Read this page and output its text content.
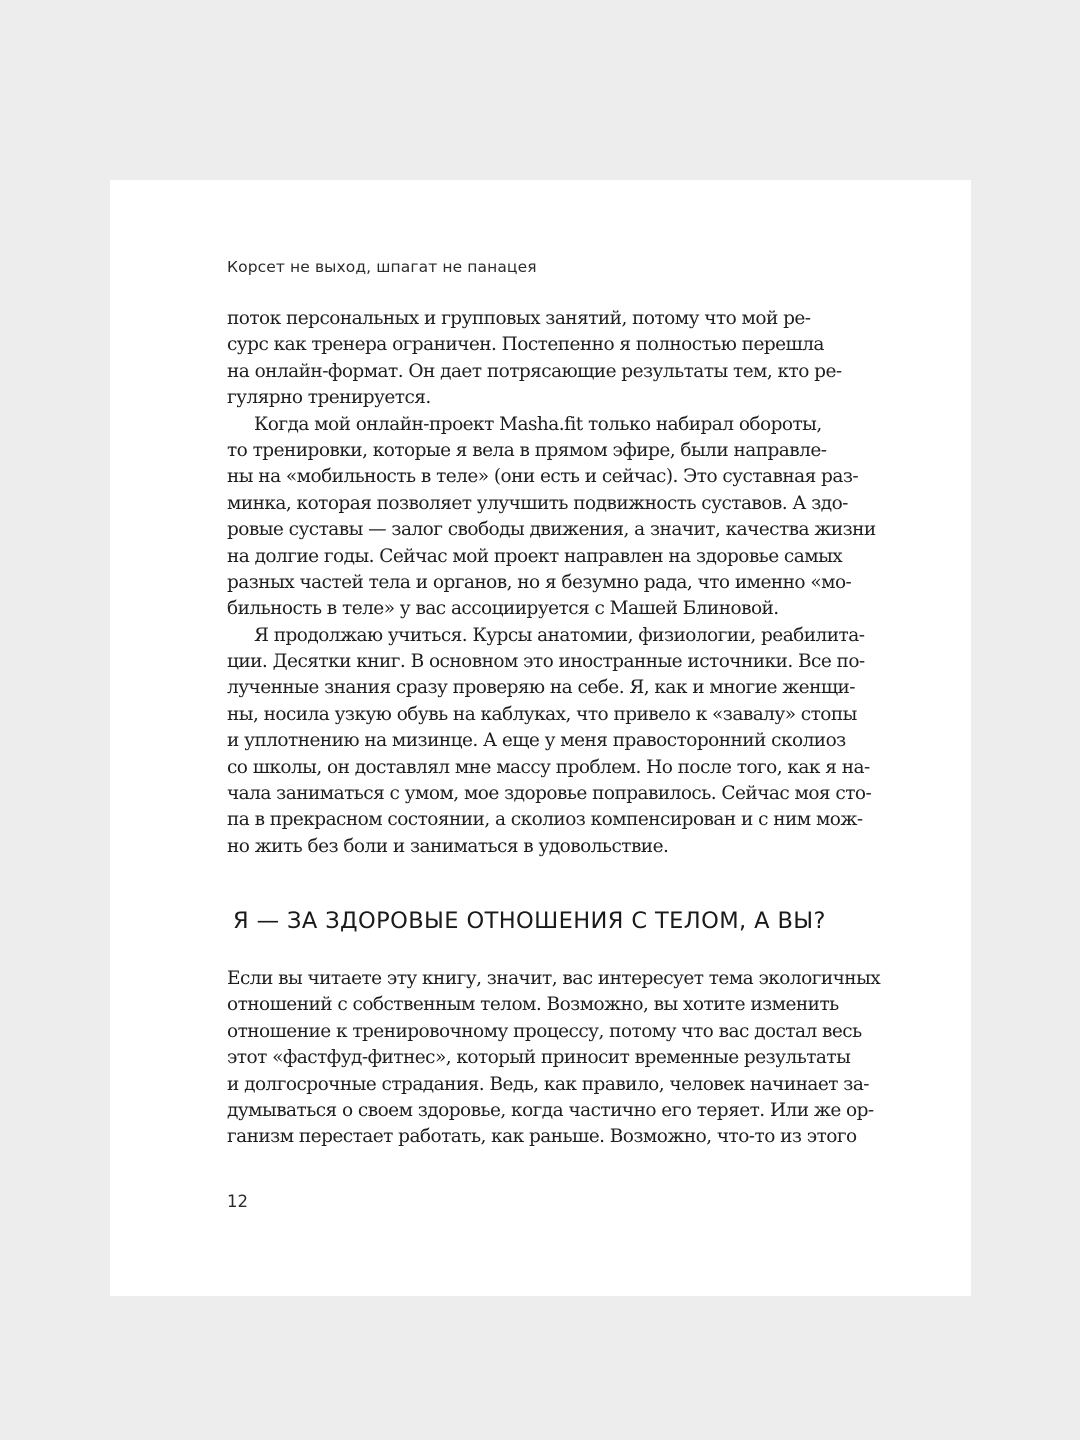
Корсет не выход, шпагат не панацея
поток персональных и групповых занятий, потому что мой ре-
сурс как тренера ограничен. Постепенно я полностью перешла
на онлайн-формат. Он дает потрясающие результаты тем, кто ре-
гулярно тренируется.
Когда мой онлайн-проект Masha.fit только набирал обороты,
то тренировки, которые я вела в прямом эфире, были направле-
ны на «мобильность в теле» (они есть и сейчас). Это суставная раз-
минка, которая позволяет улучшить подвижность суставов. А здо-
ровые суставы — залог свободы движения, а значит, качества жизни
на долгие годы. Сейчас мой проект направлен на здоровье самых
разных частей тела и органов, но я безумно рада, что именно «мо-
бильность в теле» у вас ассоциируется с Машей Блиновой.
Я продолжаю учиться. Курсы анатомии, физиологии, реабилита-
ции. Десятки книг. В основном это иностранные источники. Все по-
лученные знания сразу проверяю на себе. Я, как и многие женщи-
ны, носила узкую обувь на каблуках, что привело к «завалу» стопы
и уплотнению на мизинце. А еще у меня правосторонний сколиоз
со школы, он доставлял мне массу проблем. Но после того, как я на-
чала заниматься с умом, мое здоровье поправилось. Сейчас моя сто-
па в прекрасном состоянии, а сколиоз компенсирован и с ним мож-
но жить без боли и заниматься в удовольствие.
Я — ЗА ЗДОРОВЫЕ ОТНОШЕНИЯ С ТЕЛОМ, А ВЫ?
Если вы читаете эту книгу, значит, вас интересует тема экологичных
отношений с собственным телом. Возможно, вы хотите изменить
отношение к тренировочному процессу, потому что вас достал весь
этот «фастфуд-фитнес», который приносит временные результаты
и долгосрочные страдания. Ведь, как правило, человек начинает за-
думываться о своем здоровье, когда частично его теряет. Или же ор-
ганизм перестает работать, как раньше. Возможно, что-то из этого
12
